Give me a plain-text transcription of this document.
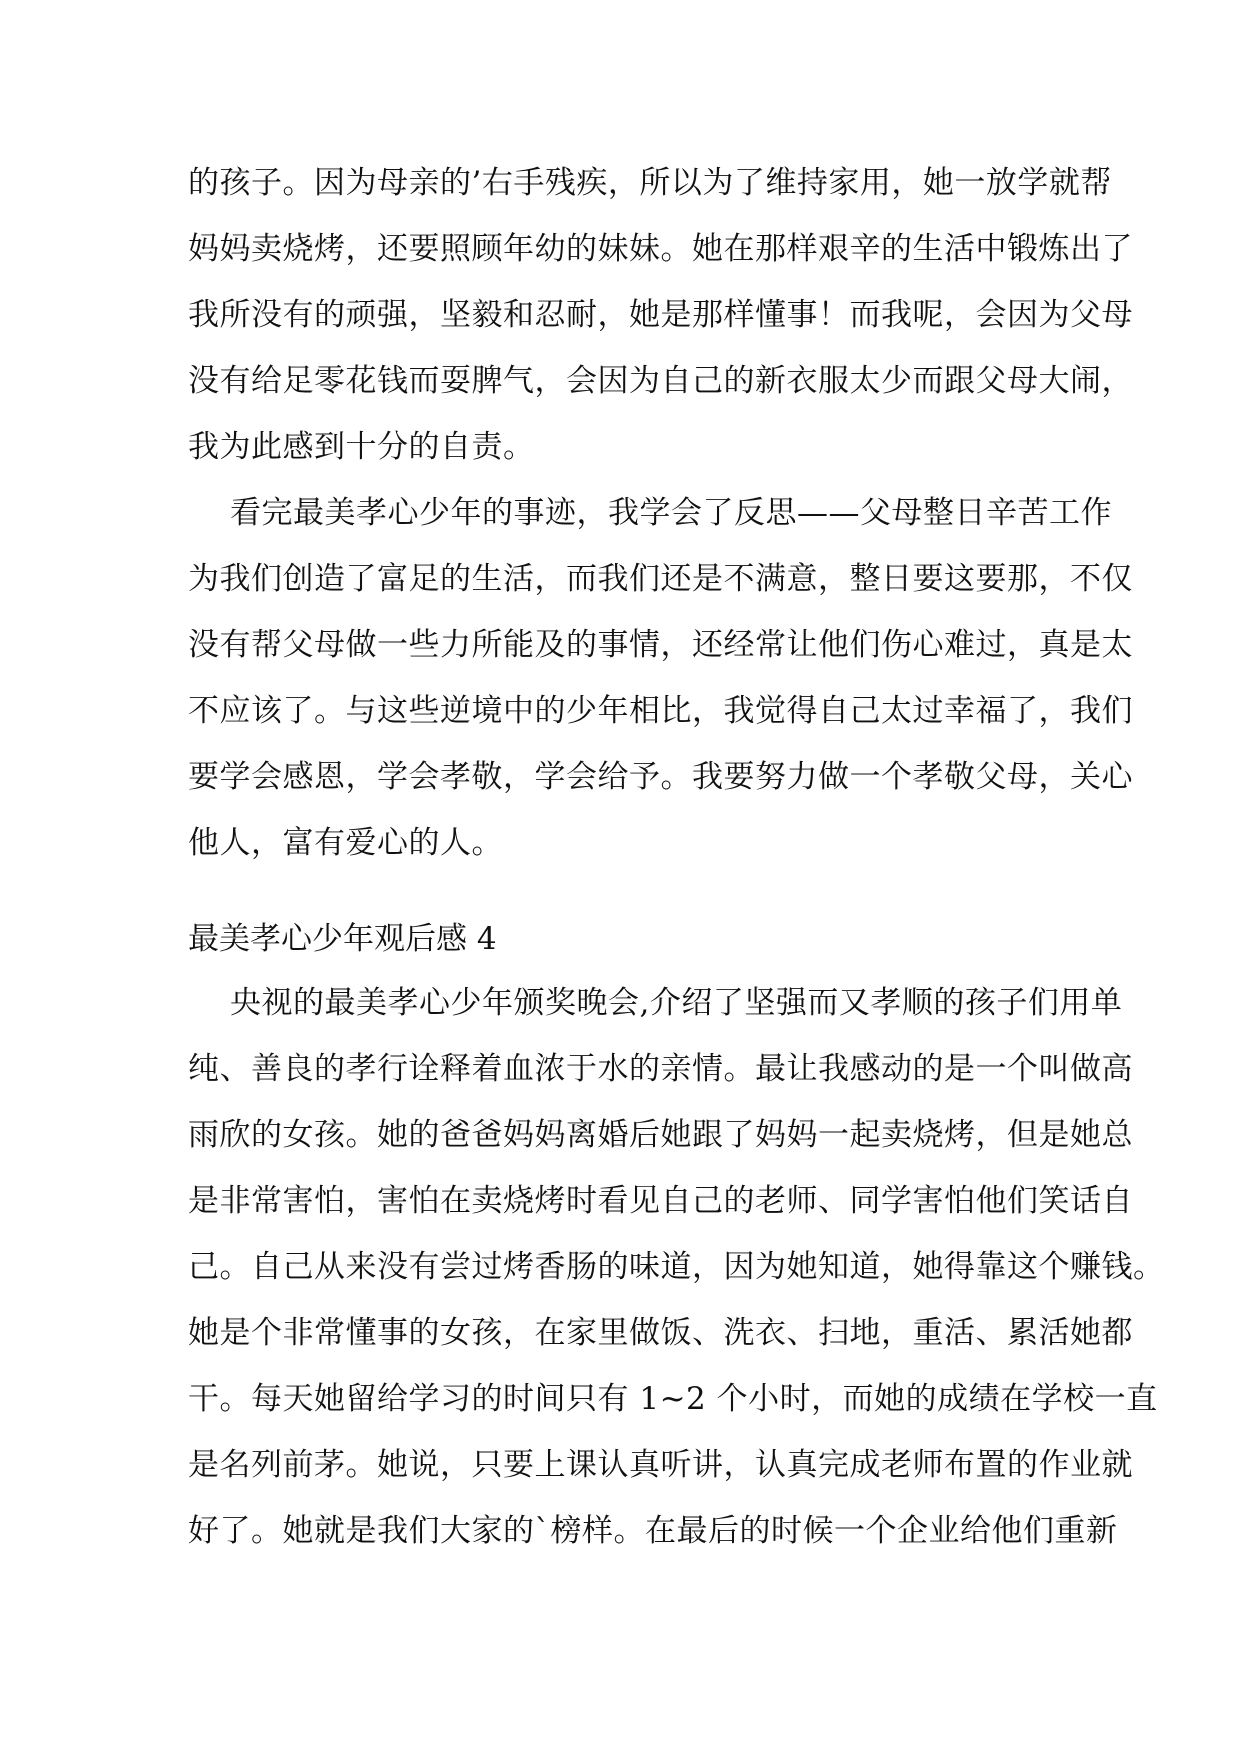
的孩子。因为母亲的’右手残疾，所以为了维持家用，她一放学就帮
妈妈卖烧烤，还要照顾年幼的妹妹。她在那样艰辛的生活中锻炼出了
我所没有的顽强，坚毅和忍耐，她是那样懂事！而我呢，会因为父母
没有给足零花钱而耍脾气，会因为自己的新衣服太少而跟父母大闹，
我为此感到十分的自责。
看完最美孝心少年的事迹，我学会了反思——父母整日辛苦工作
为我们创造了富足的生活，而我们还是不满意，整日要这要那，不仅
没有帮父母做一些力所能及的事情，还经常让他们伤心难过，真是太
不应该了。与这些逆境中的少年相比，我觉得自己太过幸福了，我们
要学会感恩，学会孝敬，学会给予。我要努力做一个孝敬父母，关心
他人，富有爱心的人。
最美孝心少年观后感 4
央视的最美孝心少年颁奖晚会,介绍了坚强而又孝顺的孩子们用单
纯、善良的孝行诠释着血浓于水的亲情。最让我感动的是一个叫做高
雨欣的女孩。她的爸爸妈妈离婚后她跟了妈妈一起卖烧烤，但是她总
是非常害怕，害怕在卖烧烤时看见自己的老师、同学害怕他们笑话自
己。自己从来没有尝过烤香肠的味道，因为她知道，她得靠这个赚钱。
她是个非常懂事的女孩，在家里做饭、洗衣、扫地，重活、累活她都
干。每天她留给学习的时间只有 1~2 个小时，而她的成绩在学校一直
是名列前茅。她说，只要上课认真听讲，认真完成老师布置的作业就
好了。她就是我们大家的`榜样。在最后的时候一个企业给他们重新
